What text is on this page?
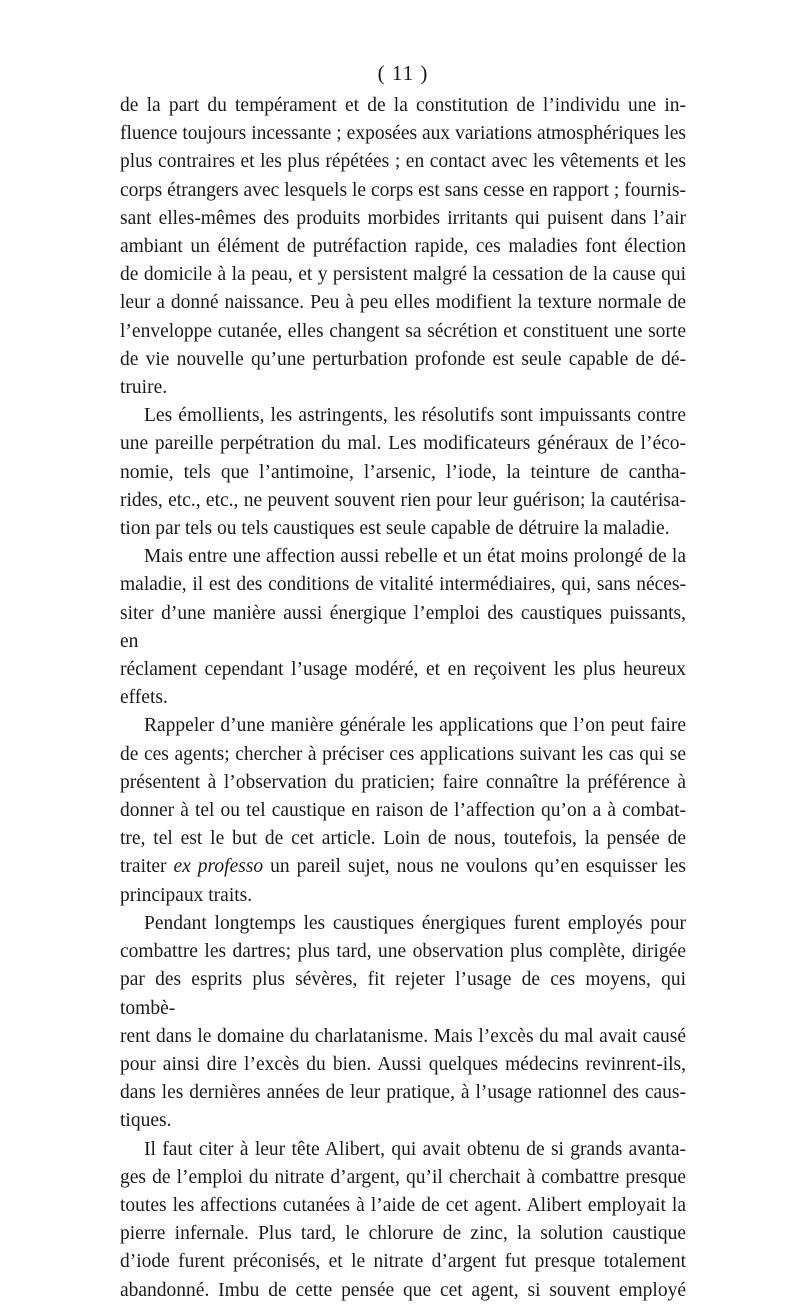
( 11 )
de la part du tempérament et de la constitution de l’individu une in-
fluence toujours incessante ; exposées aux variations atmosphériques les
plus contraires et les plus répétées ; en contact avec les vêtements et les
corps étrangers avec lesquels le corps est sans cesse en rapport ; fournis-
sant elles-mêmes des produits morbides irritants qui puisent dans l’air
ambiant un élément de putréfaction rapide, ces maladies font élection
de domicile à la peau, et y persistent malgré la cessation de la cause qui
leur a donné naissance. Peu à peu elles modifient la texture normale de
l’enveloppe cutanée, elles changent sa sécrétion et constituent une sorte
de vie nouvelle qu’une perturbation profonde est seule capable de dé-
truire.
Les émollients, les astringents, les résolutifs sont impuissants contre
une pareille perpétration du mal. Les modificateurs généraux de l’éco-
nomie, tels que l’antimoine, l’arsenic, l’iode, la teinture de cantha-
rides, etc., etc., ne peuvent souvent rien pour leur guérison; la cautérisa-
tion par tels ou tels caustiques est seule capable de détruire la maladie.
Mais entre une affection aussi rebelle et un état moins prolongé de la
maladie, il est des conditions de vitalité intermédiaires, qui, sans néces-
siter d’une manière aussi énergique l’emploi des caustiques puissants, en
réclament cependant l’usage modéré, et en reçoivent les plus heureux
effets.
Rappeler d’une manière générale les applications que l’on peut faire
de ces agents; chercher à préciser ces applications suivant les cas qui se
présentent à l’observation du praticien; faire connaître la préférence à
donner à tel ou tel caustique en raison de l’affection qu’on a à combat-
tre, tel est le but de cet article. Loin de nous, toutefois, la pensée de
traiter ex professo un pareil sujet, nous ne voulons qu’en esquisser les
principaux traits.
Pendant longtemps les caustiques énergiques furent employés pour
combattre les dartres; plus tard, une observation plus complète, dirigée
par des esprits plus sévères, fit rejeter l’usage de ces moyens, qui tombè-
rent dans le domaine du charlatanisme. Mais l’excès du mal avait causé
pour ainsi dire l’excès du bien. Aussi quelques médecins revinrent-ils,
dans les dernières années de leur pratique, à l’usage rationnel des caus-
tiques.
Il faut citer à leur tête Alibert, qui avait obtenu de si grands avanta-
ges de l’emploi du nitrate d’argent, qu’il cherchait à combattre presque
toutes les affections cutanées à l’aide de cet agent. Alibert employait la
pierre infernale. Plus tard, le chlorure de zinc, la solution caustique
d’iode furent préconisés, et le nitrate d’argent fut presque totalement
abandonné. Imbu de cette pensée que cet agent, si souvent employé
